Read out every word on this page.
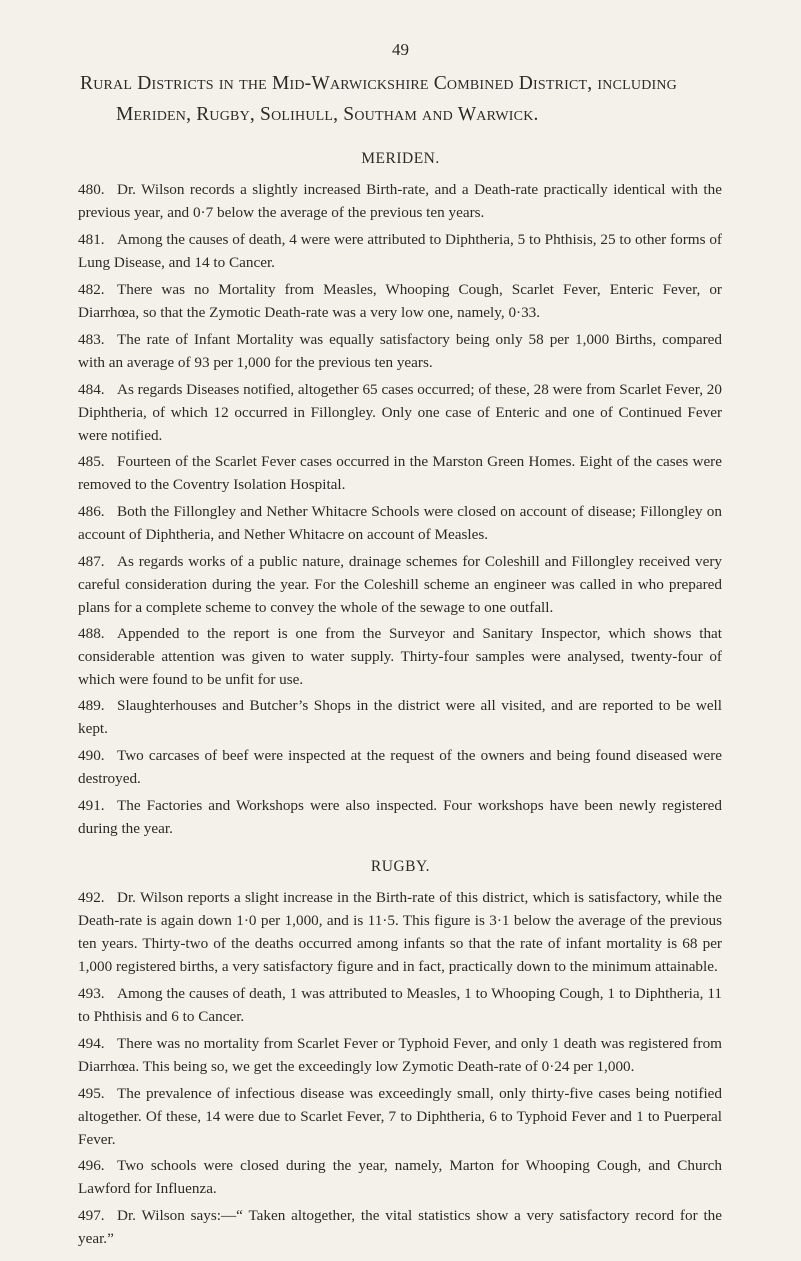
49
Rural Districts in the Mid-Warwickshire Combined District, including
Meriden, Rugby, Solihull, Southam and Warwick.
MERIDEN.
480. Dr. Wilson records a slightly increased Birth-rate, and a Death-rate practically identical with the previous year, and 0·7 below the average of the previous ten years.
481. Among the causes of death, 4 were were attributed to Diphtheria, 5 to Phthisis, 25 to other forms of Lung Disease, and 14 to Cancer.
482. There was no Mortality from Measles, Whooping Cough, Scarlet Fever, Enteric Fever, or Diarrhœa, so that the Zymotic Death-rate was a very low one, namely, 0·33.
483. The rate of Infant Mortality was equally satisfactory being only 58 per 1,000 Births, compared with an average of 93 per 1,000 for the previous ten years.
484. As regards Diseases notified, altogether 65 cases occurred; of these, 28 were from Scarlet Fever, 20 Diphtheria, of which 12 occurred in Fillongley. Only one case of Enteric and one of Continued Fever were notified.
485. Fourteen of the Scarlet Fever cases occurred in the Marston Green Homes. Eight of the cases were removed to the Coventry Isolation Hospital.
486. Both the Fillongley and Nether Whitacre Schools were closed on account of disease; Fillongley on account of Diphtheria, and Nether Whitacre on account of Measles.
487. As regards works of a public nature, drainage schemes for Coleshill and Fillongley received very careful consideration during the year. For the Coleshill scheme an engineer was called in who prepared plans for a complete scheme to convey the whole of the sewage to one outfall.
488. Appended to the report is one from the Surveyor and Sanitary Inspector, which shows that considerable attention was given to water supply. Thirty-four samples were analysed, twenty-four of which were found to be unfit for use.
489. Slaughterhouses and Butcher’s Shops in the district were all visited, and are reported to be well kept.
490. Two carcases of beef were inspected at the request of the owners and being found diseased were destroyed.
491. The Factories and Workshops were also inspected. Four workshops have been newly registered during the year.
RUGBY.
492. Dr. Wilson reports a slight increase in the Birth-rate of this district, which is satisfactory, while the Death-rate is again down 1·0 per 1,000, and is 11·5. This figure is 3·1 below the average of the previous ten years. Thirty-two of the deaths occurred among infants so that the rate of infant mortality is 68 per 1,000 registered births, a very satisfactory figure and in fact, practically down to the minimum attainable.
493. Among the causes of death, 1 was attributed to Measles, 1 to Whooping Cough, 1 to Diphtheria, 11 to Phthisis and 6 to Cancer.
494. There was no mortality from Scarlet Fever or Typhoid Fever, and only 1 death was registered from Diarrhœa. This being so, we get the exceedingly low Zymotic Death-rate of 0·24 per 1,000.
495. The prevalence of infectious disease was exceedingly small, only thirty-five cases being notified altogether. Of these, 14 were due to Scarlet Fever, 7 to Diphtheria, 6 to Typhoid Fever and 1 to Puerperal Fever.
496. Two schools were closed during the year, namely, Marton for Whooping Cough, and Church Lawford for Influenza.
497. Dr. Wilson says:—“ Taken altogether, the vital statistics show a very satisfactory record for the year.”
